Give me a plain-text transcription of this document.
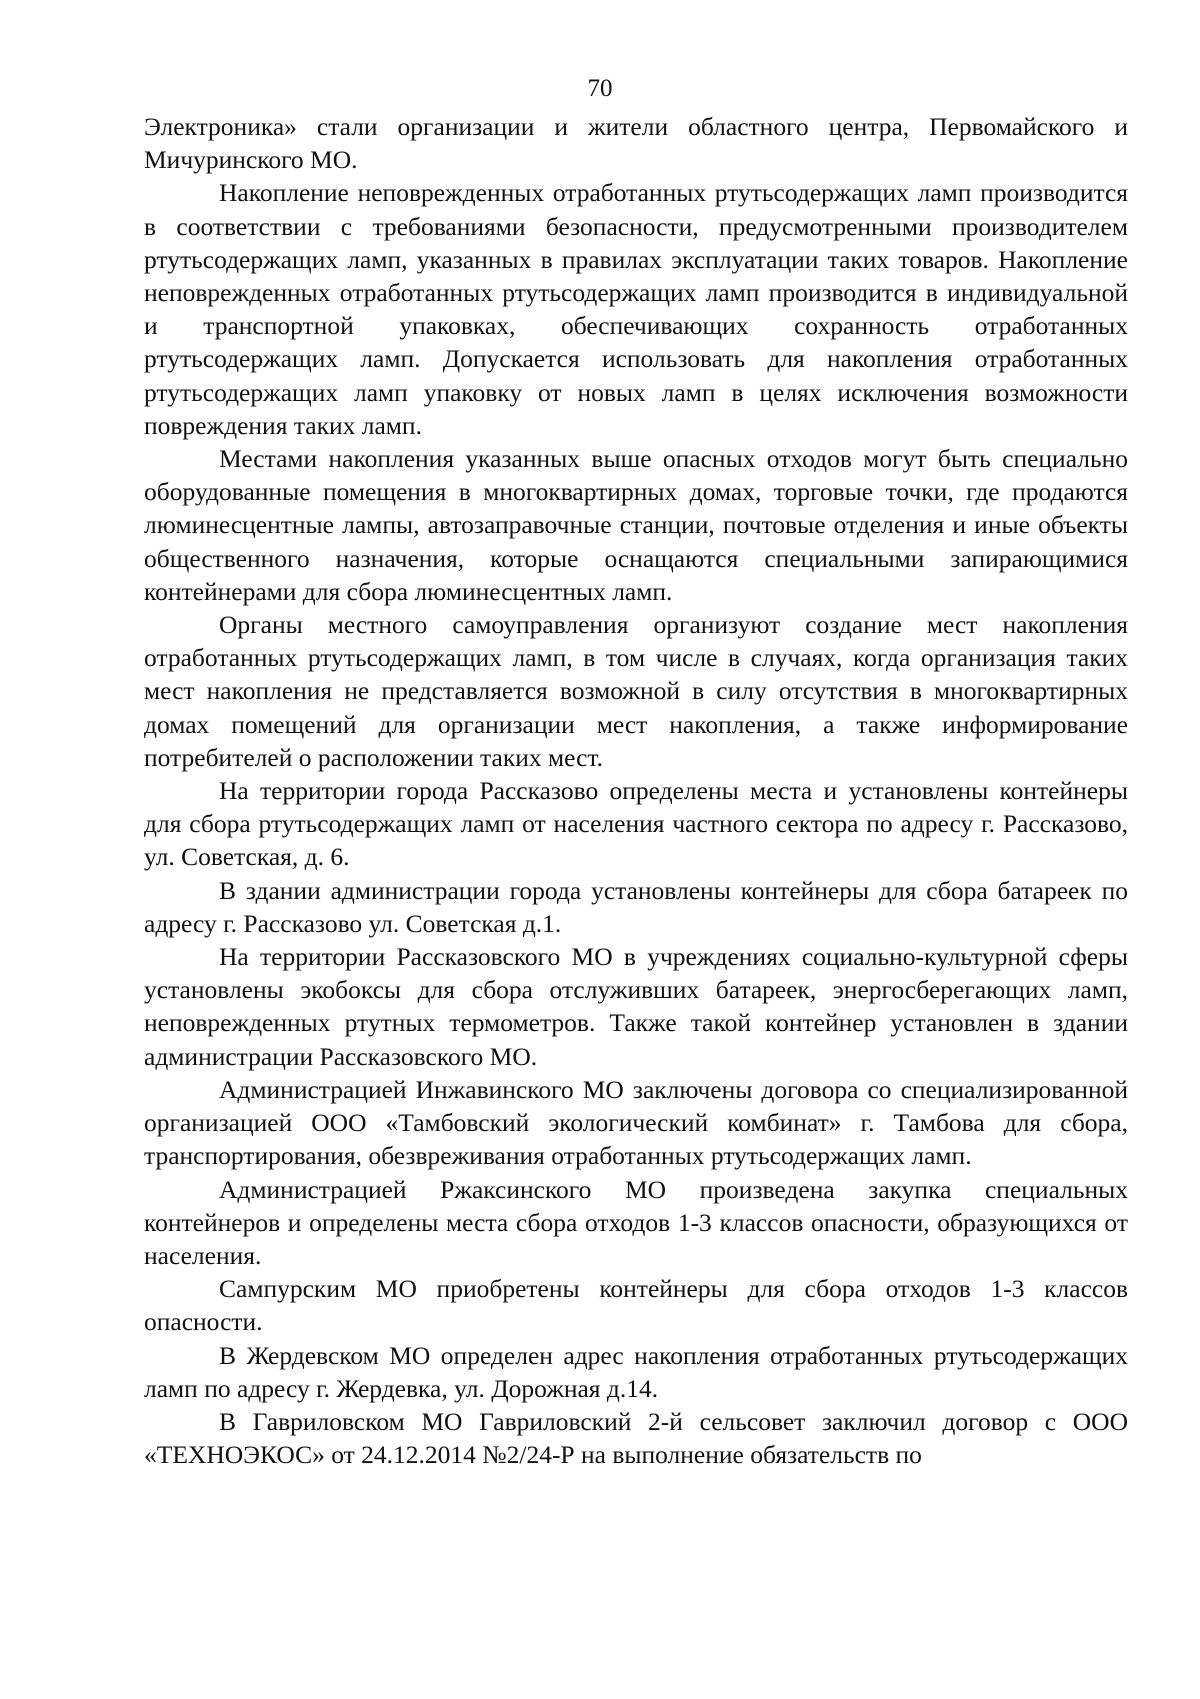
70

Электроника» стали организации и жители областного центра, Первомайского и Мичуринского МО.

Накопление неповрежденных отработанных ртутьсодержащих ламп производится в соответствии с требованиями безопасности, предусмотренными производителем ртутьсодержащих ламп, указанных в правилах эксплуатации таких товаров. Накопление неповрежденных отработанных ртутьсодержащих ламп производится в индивидуальной и транспортной упаковках, обеспечивающих сохранность отработанных ртутьсодержащих ламп. Допускается использовать для накопления отработанных ртутьсодержащих ламп упаковку от новых ламп в целях исключения возможности повреждения таких ламп.

Местами накопления указанных выше опасных отходов могут быть специально оборудованные помещения в многоквартирных домах, торговые точки, где продаются люминесцентные лампы, автозаправочные станции, почтовые отделения и иные объекты общественного назначения, которые оснащаются специальными запирающимися контейнерами для сбора люминесцентных ламп.

Органы местного самоуправления организуют создание мест накопления отработанных ртутьсодержащих ламп, в том числе в случаях, когда организация таких мест накопления не представляется возможной в силу отсутствия в многоквартирных домах помещений для организации мест накопления, а также информирование потребителей о расположении таких мест.

На территории города Рассказово определены места и установлены контейнеры для сбора ртутьсодержащих ламп от населения частного сектора по адресу г. Рассказово, ул. Советская, д. 6.

В здании администрации города установлены контейнеры для сбора батареек по адресу г. Рассказово ул. Советская д.1.

На территории Рассказовского МО в учреждениях социально-культурной сферы установлены экобоксы для сбора отслуживших батареек, энергосберегающих ламп, неповрежденных ртутных термометров. Также такой контейнер установлен в здании администрации Рассказовского МО.

Администрацией Инжавинского МО заключены договора со специализированной организацией ООО «Тамбовский экологический комбинат» г. Тамбова для сбора, транспортирования, обезвреживания отработанных ртутьсодержащих ламп.

Администрацией Ржаксинского МО произведена закупка специальных контейнеров и определены места сбора отходов 1-3 классов опасности, образующихся от населения.

Сампурским МО приобретены контейнеры для сбора отходов 1-3 классов опасности.

В Жердевском МО определен адрес накопления отработанных ртутьсодержащих ламп по адресу г. Жердевка, ул. Дорожная д.14.

В Гавриловском МО Гавриловский 2-й сельсовет заключил договор с ООО «ТЕХНОЭКОС» от 24.12.2014 №2/24-Р на выполнение обязательств по
